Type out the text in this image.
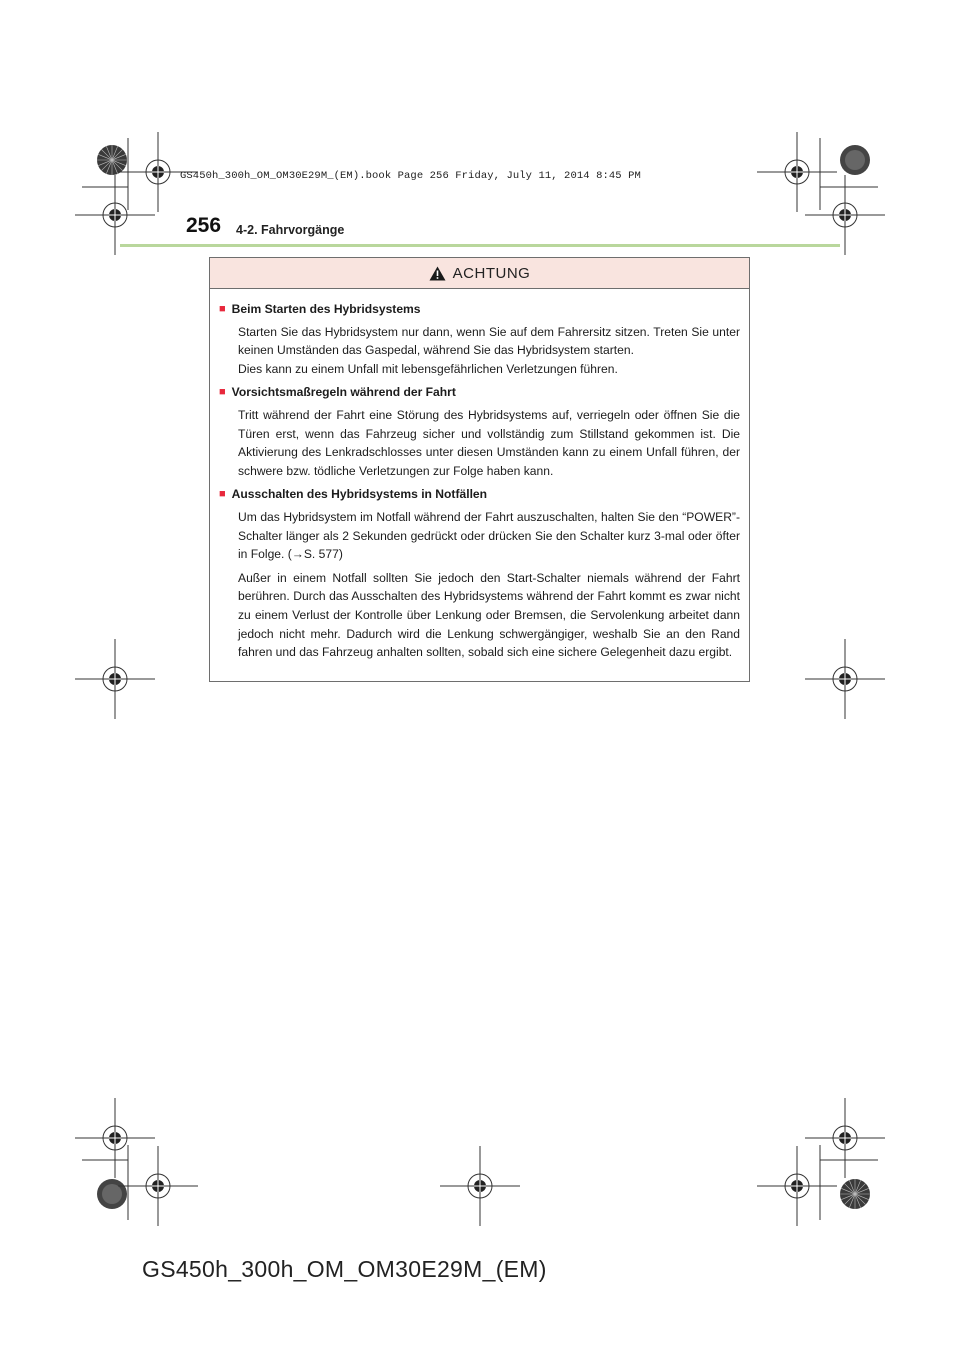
GS450h_300h_OM_OM30E29M_(EM).book Page 256 Friday, July 11, 2014 8:45 PM
256 4-2. Fahrvorgänge
ACHTUNG
■ Beim Starten des Hybridsystems
Starten Sie das Hybridsystem nur dann, wenn Sie auf dem Fahrersitz sitzen. Treten Sie unter keinen Umständen das Gaspedal, während Sie das Hybridsystem starten.
Dies kann zu einem Unfall mit lebensgefährlichen Verletzungen führen.
■ Vorsichtsmaßregeln während der Fahrt
Tritt während der Fahrt eine Störung des Hybridsystems auf, verriegeln oder öffnen Sie die Türen erst, wenn das Fahrzeug sicher und vollständig zum Stillstand gekommen ist. Die Aktivierung des Lenkradschlosses unter diesen Umständen kann zu einem Unfall führen, der schwere bzw. tödliche Verletzungen zur Folge haben kann.
■ Ausschalten des Hybridsystems in Notfällen
Um das Hybridsystem im Notfall während der Fahrt auszuschalten, halten Sie den “POWER”-Schalter länger als 2 Sekunden gedrückt oder drücken Sie den Schalter kurz 3-mal oder öfter in Folge. (→S. 577)
Außer in einem Notfall sollten Sie jedoch den Start-Schalter niemals während der Fahrt berühren. Durch das Ausschalten des Hybridsystems während der Fahrt kommt es zwar nicht zu einem Verlust der Kontrolle über Lenkung oder Bremsen, die Servolenkung arbeitet dann jedoch nicht mehr. Dadurch wird die Lenkung schwergängiger, weshalb Sie an den Rand fahren und das Fahrzeug anhalten sollten, sobald sich eine sichere Gelegenheit dazu ergibt.
GS450h_300h_OM_OM30E29M_(EM)
